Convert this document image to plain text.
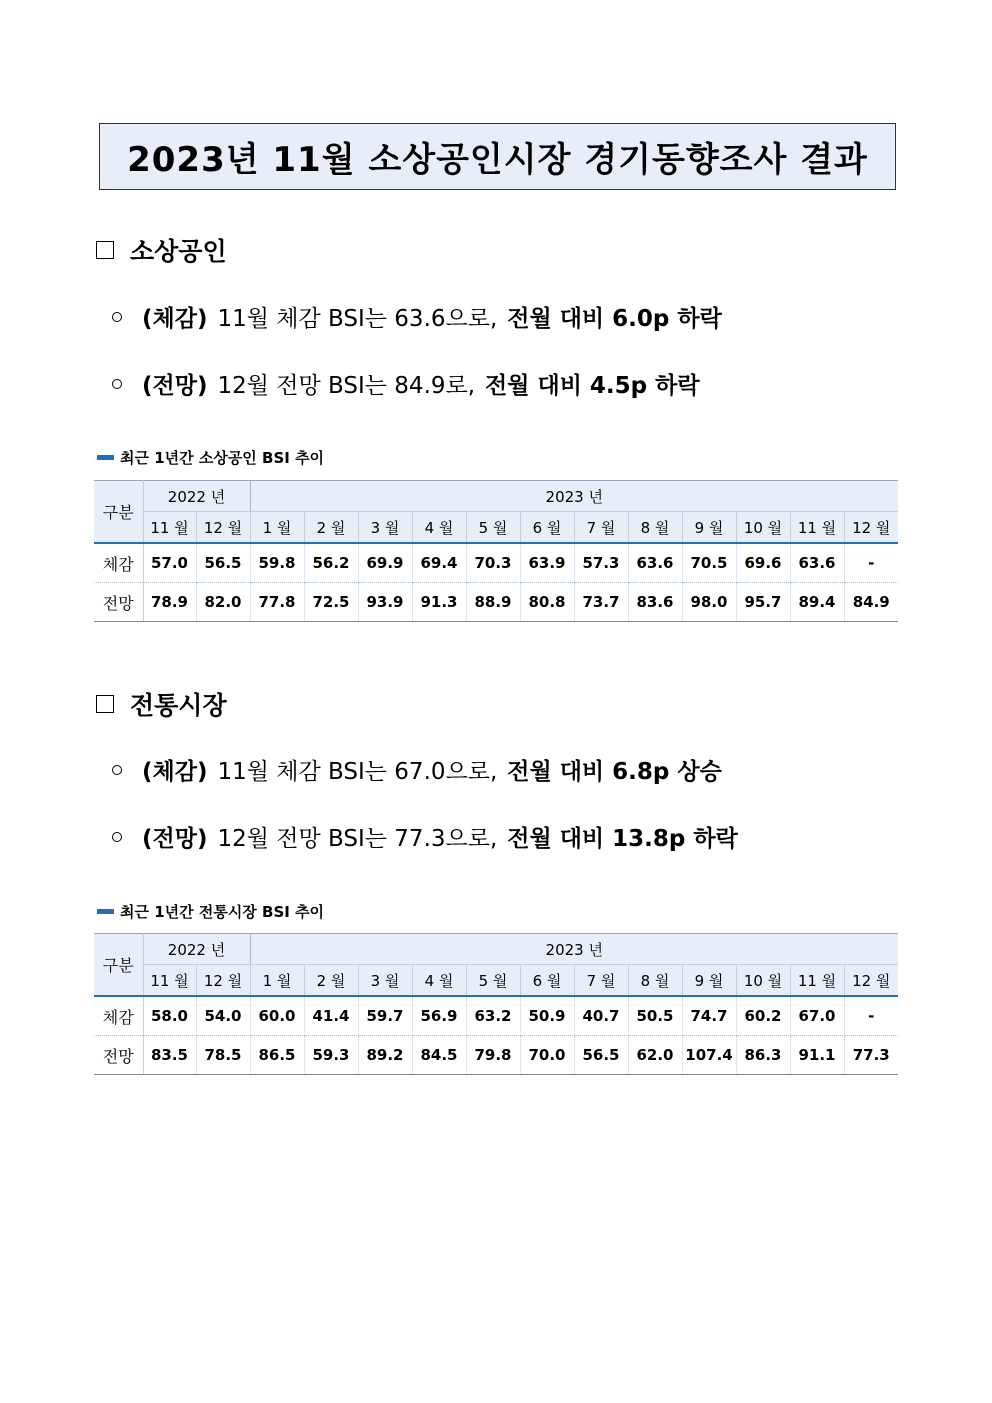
2023년 11월 소상공인시장 경기동향조사 결과
소상공인
(체감) 11월 체감 BSI는 63.6으로, 전월 대비 6.0p 하락
(전망) 12월 전망 BSI는 84.9로, 전월 대비 4.5p 하락
최근 1년간 소상공인 BSI 추이
구분	2022 년		2023 년											
	11 월	12 월	1 월	2 월	3 월	4 월	5 월	6 월	7 월	8 월	9 월	10 월	11 월	12 월
체감	57.0	56.5	59.8	56.2	69.9	69.4	70.3	63.9	57.3	63.6	70.5	69.6	63.6	-
전망	78.9	82.0	77.8	72.5	93.9	91.3	88.9	80.8	73.7	83.6	98.0	95.7	89.4	84.9
전통시장
(체감) 11월 체감 BSI는 67.0으로, 전월 대비 6.8p 상승
(전망) 12월 전망 BSI는 77.3으로, 전월 대비 13.8p 하락
최근 1년간 전통시장 BSI 추이
구분	2022 년		2023 년											
	11 월	12 월	1 월	2 월	3 월	4 월	5 월	6 월	7 월	8 월	9 월	10 월	11 월	12 월
체감	58.0	54.0	60.0	41.4	59.7	56.9	63.2	50.9	40.7	50.5	74.7	60.2	67.0	-
전망	83.5	78.5	86.5	59.3	89.2	84.5	79.8	70.0	56.5	62.0	107.4	86.3	91.1	77.3
